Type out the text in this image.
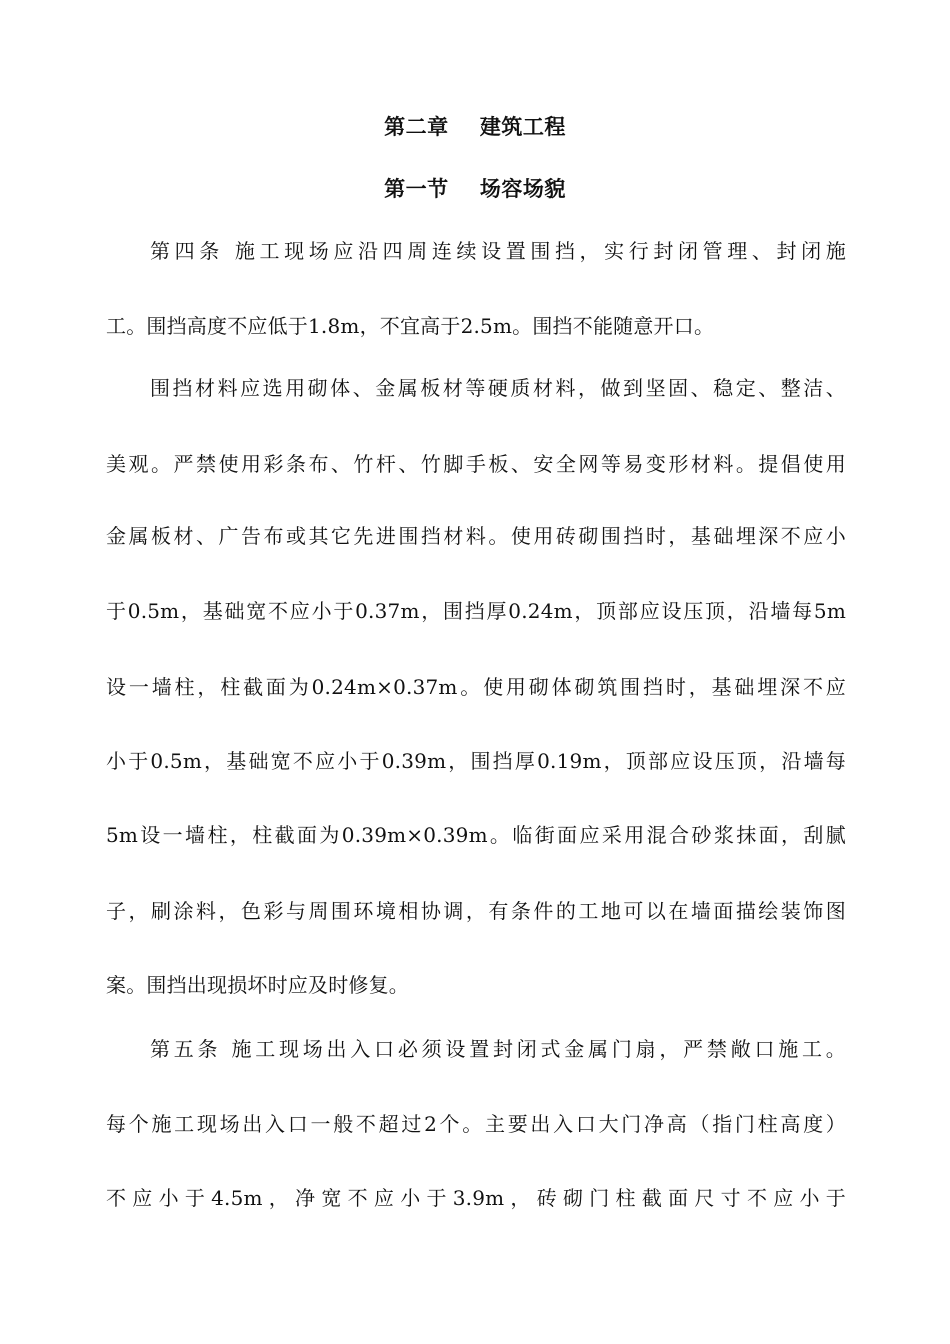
第二章    建筑工程
第一节    场容场貌
第四条 施工现场应沿四周连续设置围挡，实行封闭管理、封闭施
工。围挡高度不应低于1.8m，不宜高于2.5m。围挡不能随意开口。
围挡材料应选用砌体、金属板材等硬质材料，做到坚固、稳定、整洁、
美观。严禁使用彩条布、竹杆、竹脚手板、安全网等易变形材料。提倡使用
金属板材、广告布或其它先进围挡材料。使用砖砌围挡时，基础埋深不应小
于0.5m，基础宽不应小于0.37m，围挡厚0.24m，顶部应设压顶，沿墙每5m
设一墙柱，柱截面为0.24m×0.37m。使用砌体砌筑围挡时，基础埋深不应
小于0.5m，基础宽不应小于0.39m，围挡厚0.19m，顶部应设压顶，沿墙每
5m设一墙柱，柱截面为0.39m×0.39m。临街面应采用混合砂浆抹面，刮腻
子，刷涂料，色彩与周围环境相协调，有条件的工地可以在墙面描绘装饰图
案。围挡出现损坏时应及时修复。
第五条 施工现场出入口必须设置封闭式金属门扇，严禁敞口施工。
每个施工现场出入口一般不超过2个。主要出入口大门净高（指门柱高度）
不应小于4.5m，净宽不应小于3.9m，砖砌门柱截面尺寸不应小于
